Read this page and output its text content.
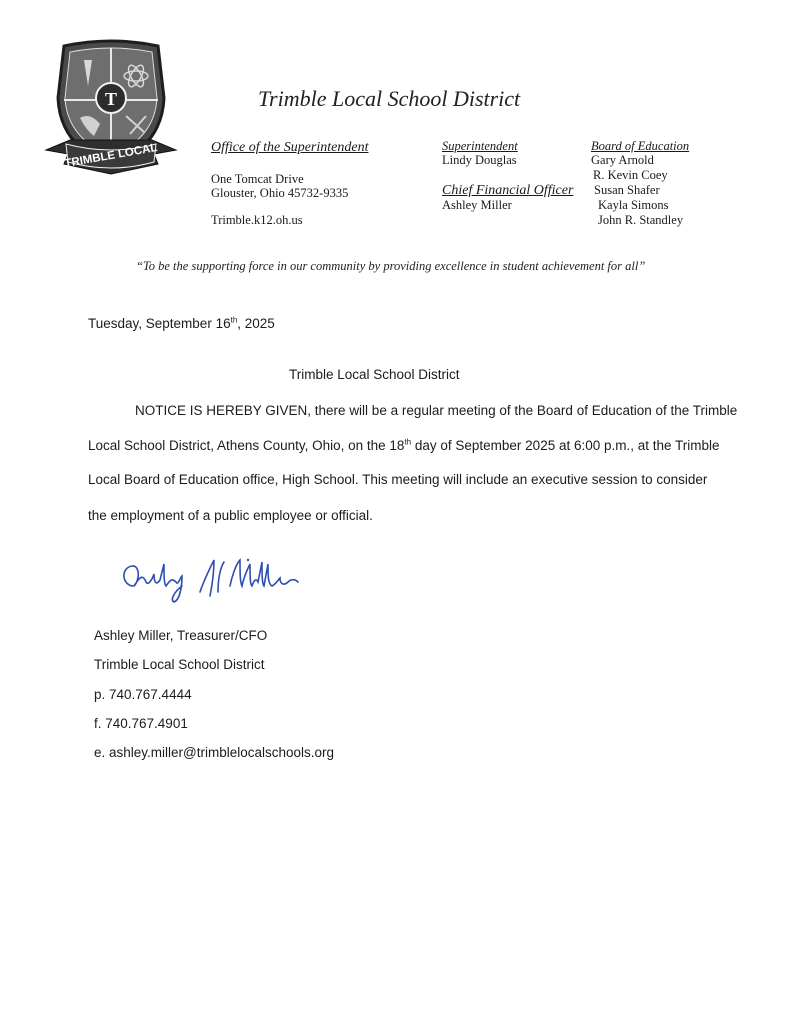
T
TRIMBLE LOCAL
Trimble Local School District
Office of the Superintendent
One Tomcat Drive
Glouster, Ohio 45732-9335
Trimble.k12.oh.us
Superintendent
Lindy Douglas
Chief Financial Officer
Ashley Miller
Board of Education
Gary Arnold
R. Kevin Coey
Susan Shafer
Kayla Simons
John R. Standley
“To be the supporting force in our community by providing excellence in student achievement for all”
Tuesday, September 16th, 2025
Trimble Local School District
NOTICE IS HEREBY GIVEN, there will be a regular meeting of the Board of Education of the Trimble
Local School District, Athens County, Ohio, on the 18th day of September 2025 at 6:00 p.m., at the Trimble
Local Board of Education office, High School. This meeting will include an executive session to consider
the employment of a public employee or official.
Ashley Miller, Treasurer/CFO
Trimble Local School District
p. 740.767.4444
f. 740.767.4901
e. ashley.miller@trimblelocalschools.org
